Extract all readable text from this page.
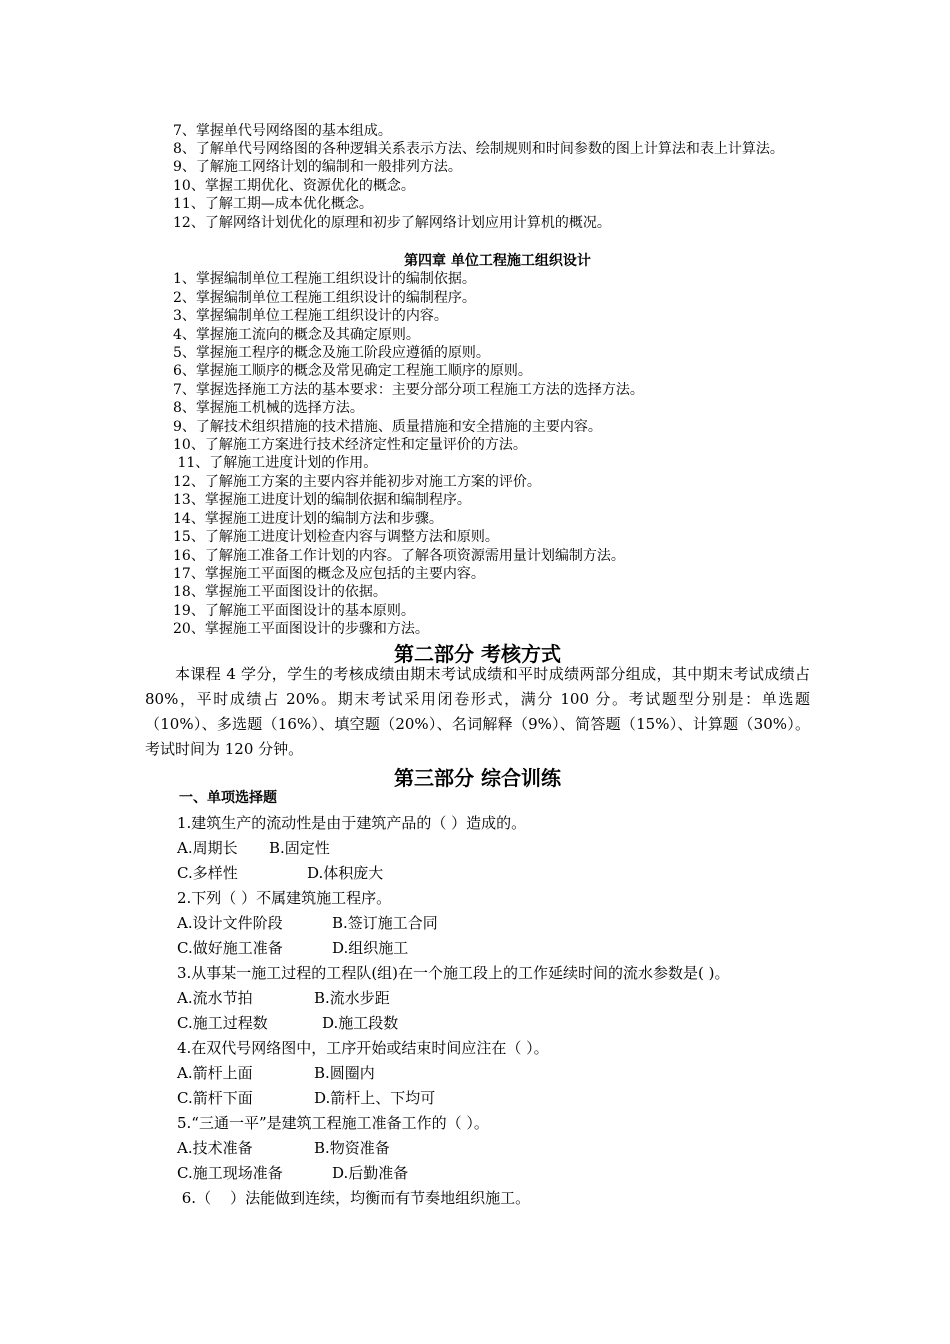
7、掌握单代号网络图的基本组成。
8、了解单代号网络图的各种逻辑关系表示方法、绘制规则和时间参数的图上计算法和表上计算法。
9、了解施工网络计划的编制和一般排列方法。
10、掌握工期优化、资源优化的概念。
11、了解工期—成本优化概念。
12、了解网络计划优化的原理和初步了解网络计划应用计算机的概况。
第四章 单位工程施工组织设计
1、掌握编制单位工程施工组织设计的编制依据。
2、掌握编制单位工程施工组织设计的编制程序。
3、掌握编制单位工程施工组织设计的内容。
4、掌握施工流向的概念及其确定原则。
5、掌握施工程序的概念及施工阶段应遵循的原则。
6、掌握施工顺序的概念及常见确定工程施工顺序的原则。
7、掌握选择施工方法的基本要求：主要分部分项工程施工方法的选择方法。
8、掌握施工机械的选择方法。
9、了解技术组织措施的技术措施、质量措施和安全措施的主要内容。
10、了解施工方案进行技术经济定性和定量评价的方法。
11、了解施工进度计划的作用。
12、了解施工方案的主要内容并能初步对施工方案的评价。
13、掌握施工进度计划的编制依据和编制程序。
14、掌握施工进度计划的编制方法和步骤。
15、了解施工进度计划检查内容与调整方法和原则。
16、了解施工准备工作计划的内容。了解各项资源需用量计划编制方法。
17、掌握施工平面图的概念及应包括的主要内容。
18、掌握施工平面图设计的依据。
19、了解施工平面图设计的基本原则。
20、掌握施工平面图设计的步骤和方法。
第二部分 考核方式
本课程 4 学分，学生的考核成绩由期末考试成绩和平时成绩两部分组成，其中期末考试成绩占 80%，平时成绩占 20%。期末考试采用闭卷形式，满分 100 分。考试题型分别是：单选题（10%）、多选题（16%）、填空题（20%）、名词解释（9%）、简答题（15%）、计算题（30%）。考试时间为 120 分钟。
第三部分 综合训练
一、单项选择题
1.建筑生产的流动性是由于建筑产品的（ ）造成的。
A.周期长 B.固定性
C.多样性	D.体积庞大
2.下列（ ）不属建筑施工程序。
A.设计文件阶段	B.签订施工合同
C.做好施工准备	D.组织施工
3.从事某一施工过程的工程队(组)在一个施工段上的工作延续时间的流水参数是( )。
A.流水节拍	B.流水步距
C.施工过程数	D.施工段数
4.在双代号网络图中，工序开始或结束时间应注在（ ）。
A.箭杆上面	B.圆圈内
C.箭杆下面	D.箭杆上、下均可
5.“三通一平”是建筑工程施工准备工作的（ ）。
A.技术准备	B.物资准备
C.施工现场准备	D.后勤准备
6.（    ）法能做到连续，均衡而有节奏地组织施工。
